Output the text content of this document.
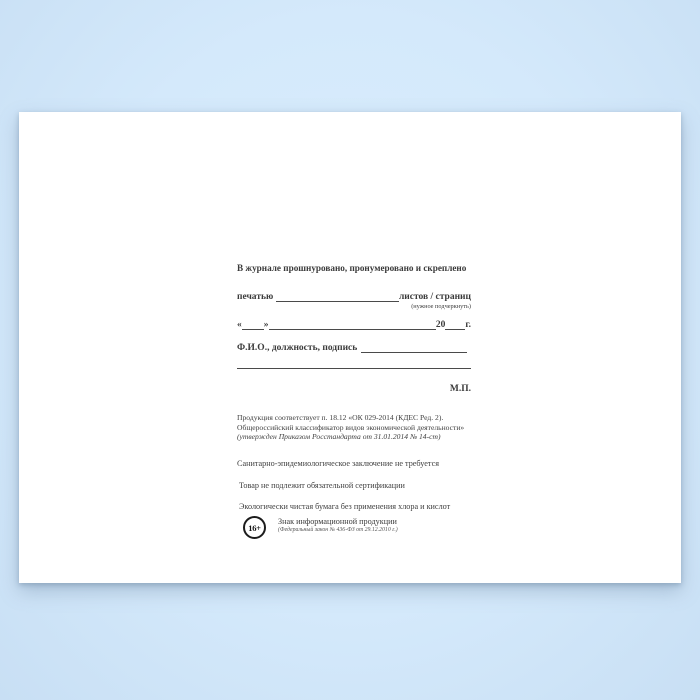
В журнале прошнуровано, пронумеровано и скреплено
печатью	листов / страниц
(нужное подчеркнуть)
« »	20 г.
Ф.И.О., должность, подпись
М.П.
Продукция соответствует п. 18.12 «ОК 029-2014 (КДЕС Ред. 2).
Общероссийский классификатор видов экономической деятельности»
(утвержден Приказом Росстандарта от 31.01.2014 № 14-ст)
Санитарно-эпидемиологическое заключение не требуется
Товар не подлежит обязательной сертификации
Экологически чистая бумага без применения хлора и кислот
16+
Знак информационной продукции
(Федеральный закон № 436-ФЗ от 29.12.2010 г.)
